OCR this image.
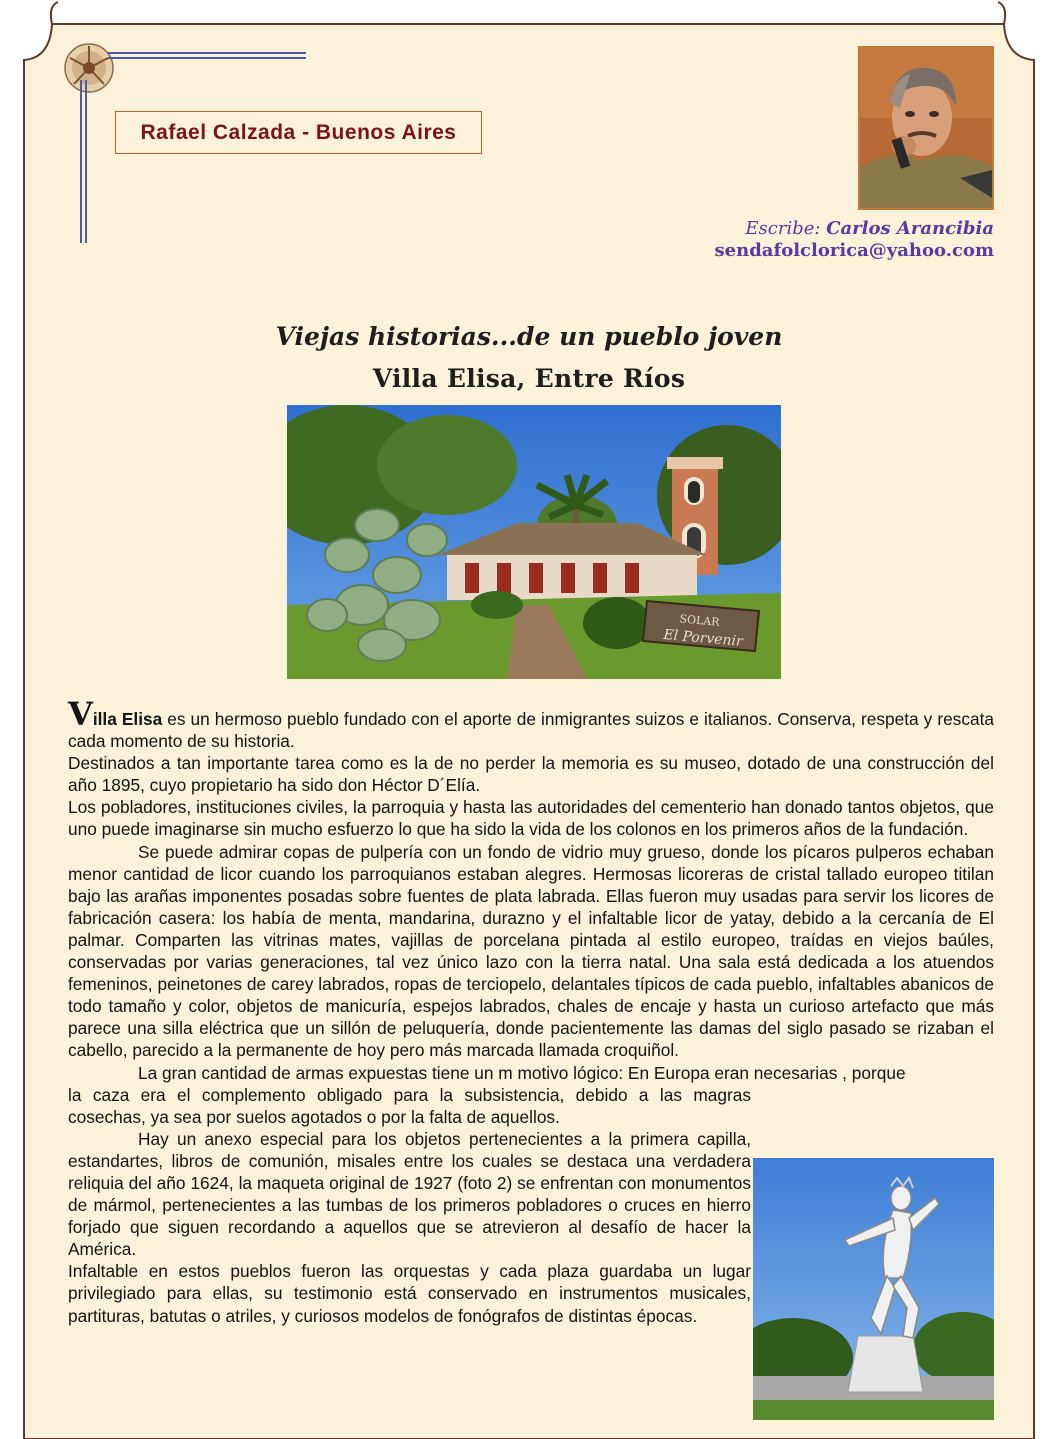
Rafael Calzada - Buenos Aires
Escribe: Carlos Arancibia
sendafolclorica@yahoo.com
Viejas historias...de un pueblo joven
Villa Elisa, Entre Ríos
SOLAR
El Porvenir

Villa Elisa es un hermoso pueblo fundado con el aporte de inmigrantes suizos e italianos. Conserva, respeta y rescata cada momento de su historia.

Destinados a tan importante tarea como es la de no perder la memoria es su museo, dotado de una construcción del año 1895, cuyo propietario ha sido don Héctor D´Elía.

Los pobladores, instituciones civiles, la parroquia y hasta las autoridades del cementerio han donado tantos objetos, que uno puede imaginarse sin mucho esfuerzo lo que ha sido la vida de los colonos en los primeros años de la fundación.

Se puede admirar copas de pulpería con un fondo de vidrio muy grueso, donde los pícaros pulperos echaban menor cantidad de licor cuando los parroquianos estaban alegres. Hermosas licoreras de cristal tallado europeo titilan bajo las arañas imponentes posadas sobre fuentes de plata labrada. Ellas fueron muy usadas para servir los licores de fabricación casera: los había de menta, mandarina, durazno y el infaltable licor de yatay, debido a la cercanía de El palmar. Comparten las vitrinas mates, vajillas de porcelana pintada al estilo europeo, traídas en viejos baúles, conservadas por varias generaciones, tal vez único lazo con la tierra natal. Una sala está dedicada a los atuendos femeninos, peinetones de carey labrados, ropas de terciopelo, delantales típicos de cada pueblo, infaltables abanicos de todo tamaño y color, objetos de manicuría, espejos labrados, chales de encaje y hasta un curioso artefacto que más parece una silla eléctrica que un sillón de peluquería, donde pacientemente las damas del siglo pasado se rizaban el cabello, parecido a la permanente de hoy pero más marcada llamada croquiñol.

La gran cantidad de armas expuestas tiene un m motivo lógico: En Europa eran necesarias , porque

la caza era el complemento obligado para la subsistencia, debido a las magras cosechas, ya sea por suelos agotados o por la falta de aquellos.

Hay un anexo especial para los objetos pertenecientes a la primera capilla, estandartes, libros de comunión, misales entre los cuales se destaca una verdadera reliquia del año 1624, la maqueta original de 1927 (foto 2) se enfrentan con monumentos de mármol, pertenecientes a las tumbas de los primeros pobladores o cruces en hierro forjado que siguen recordando a aquellos que se atrevieron al desafío de hacer la América.

Infaltable en estos pueblos fueron las orquestas y cada plaza guardaba un lugar privilegiado para ellas, su testimonio está conservado en instrumentos musicales, partituras, batutas o atriles, y curiosos modelos de fonógrafos de distintas épocas.
